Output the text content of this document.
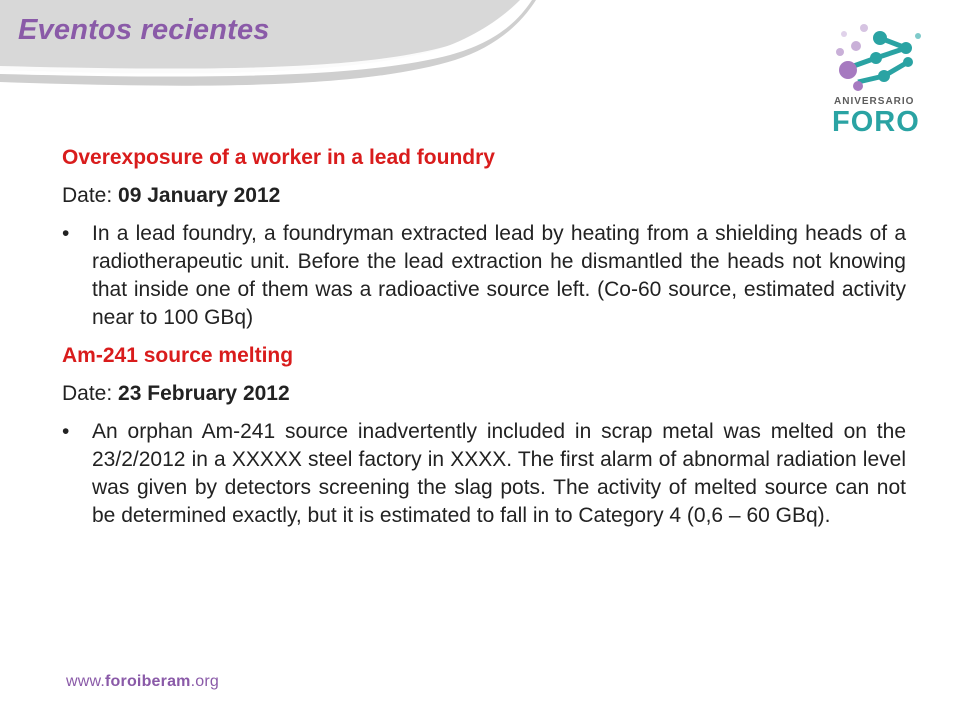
Eventos recientes
ANIVERSARIO
FORO
Overexposure of a worker in a lead foundry
Date: 09 January 2012
• In a lead foundry, a foundryman extracted lead by heating from a shielding heads of a radiotherapeutic unit. Before the lead extraction he dismantled the heads not knowing that inside one of them was a radioactive source left. (Co-60 source, estimated activity near to 100 GBq)
Am-241 source melting
Date: 23 February 2012
• An orphan Am-241 source inadvertently included in scrap metal was melted on the 23/2/2012 in a XXXXX steel factory in XXXX. The first alarm of abnormal radiation level was given by detectors screening the slag pots. The activity of melted source can not be determined exactly, but it is estimated to fall in to Category 4 (0,6 – 60 GBq).
www.foroiberam.org
